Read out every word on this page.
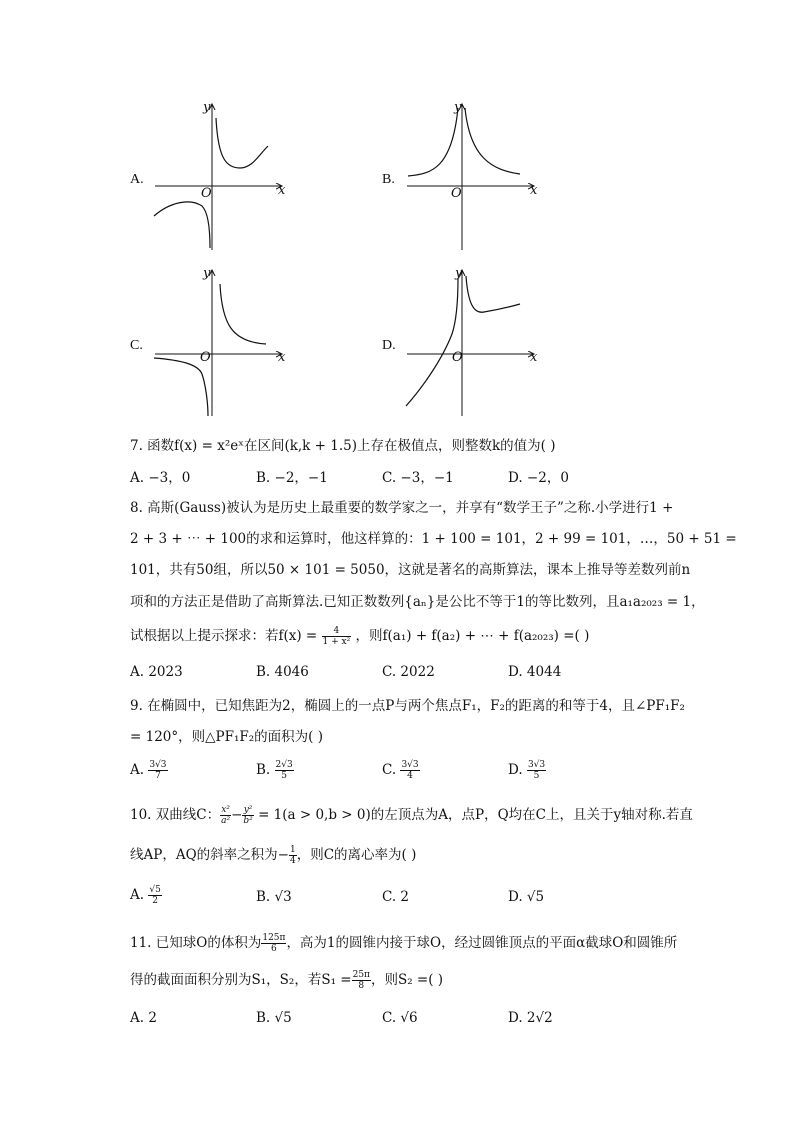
A.
y
x
O
B.
y
x
O
C.
y
x
O
D.
y
x
O
7. 函数f(x) = x²eˣ在区间(k,k + 1.5)上存在极值点，则整数k的值为( )
A. −3，0	B. −2，−1	C. −3，−1	D. −2，0
8. 高斯(Gauss)被认为是历史上最重要的数学家之一，并享有“数学王子”之称.小学进行1 +
2 + 3 + ⋯ + 100的求和运算时，他这样算的：1 + 100 = 101，2 + 99 = 101，…，50 + 51 =
101，共有50组，所以50 × 101 = 5050，这就是著名的高斯算法，课本上推导等差数列前n
项和的方法正是借助了高斯算法.已知正数数列{aₙ}是公比不等于1的等比数列，且a₁a₂₀₂₃ = 1，
试根据以上提示探求：若$f(x) = \frac{4}{\text{1 + x²}}$ ，则f(a₁) + f(a₂) + ⋯ + f(a₂₀₂₃) =( )
A. 2023	B. 4046	C. 2022	D. 4044
9. 在椭圆中，已知焦距为2，椭圆上的一点P与两个焦点F₁，F₂的距离的和等于4，且∠PF₁F₂
= 120°，则△PF₁F₂的面积为( )
A. $\frac{3√3}{7}$	B. $\frac{2√3}{5}$	C. $\frac{3√3}{4}$	D. $\frac{3√3}{5}$
10. 双曲线C： $\frac{\text{x²}}{\text{a²}} - \frac{\text{y²}}{\text{b²}} = 1(a > 0,b > 0)$的左顶点为A，点P，Q均在C上，且关于y轴对称.若直
线AP，AQ的斜率之积为− $\frac{1}{4}$ ，则C的离心率为( )
A. $\frac{√5}{2}$	B. √3	C. 2	D. √5
11. 已知球O的体积为 $\frac{125\pi}{6}$ ，高为1的圆锥内接于球O，经过圆锥顶点的平面α截球O和圆锥所
得的截面面积分别为S₁，S₂，若$S_1 = \frac{25\pi}{8}$ ，则S₂ =( )
A. 2	B. √5	C. √6	D. 2√2
